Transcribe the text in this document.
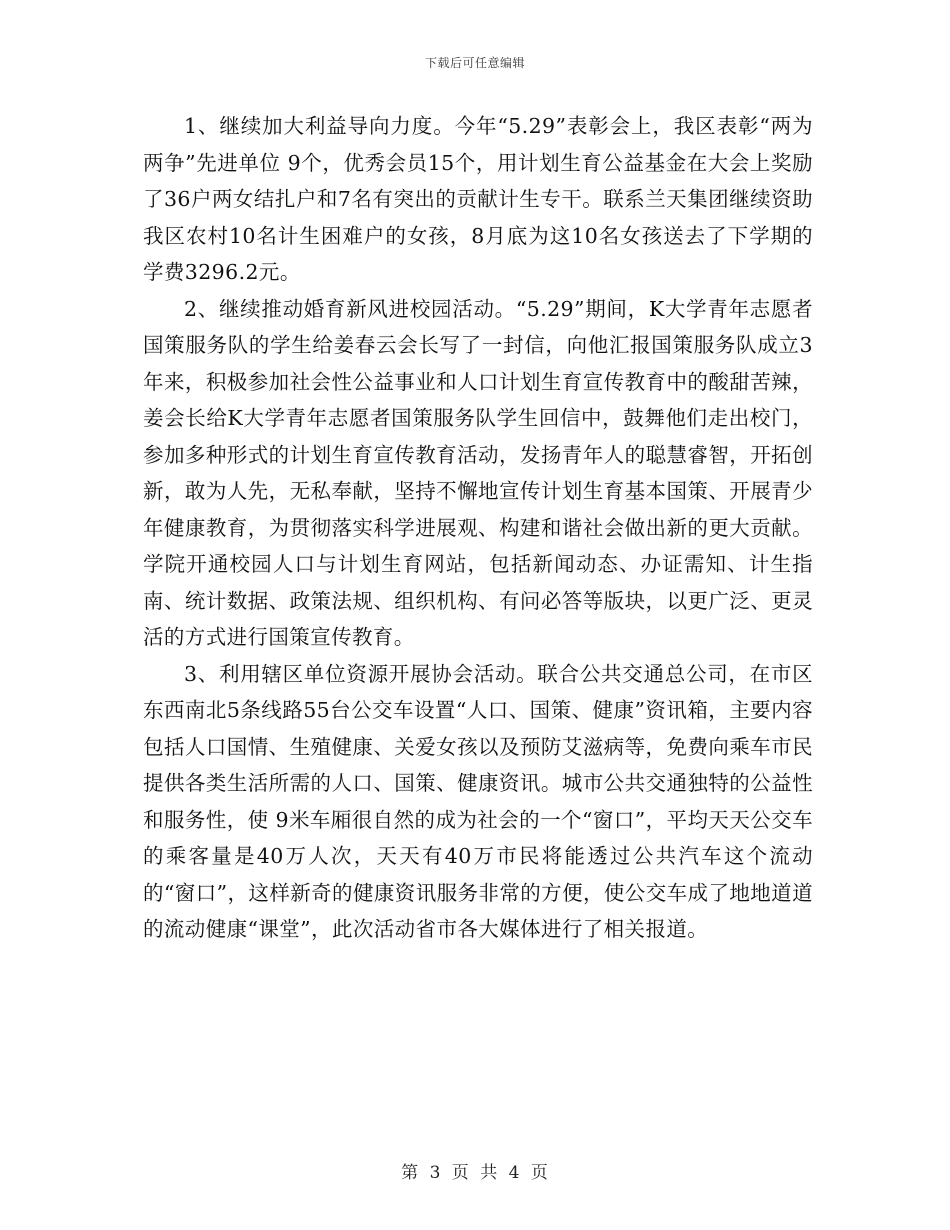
下载后可任意编辑

1、继续加大利益导向力度。今年“5.29”表彰会上，我区表彰“两为两争”先进单位 9个，优秀会员15个，用计划生育公益基金在大会上奖励了36户两女结扎户和7名有突出的贡献计生专干。联系兰天集团继续资助我区农村10名计生困难户的女孩，8月底为这10名女孩送去了下学期的学费3296.2元。

2、继续推动婚育新风进校园活动。“5.29”期间，K大学青年志愿者国策服务队的学生给姜春云会长写了一封信，向他汇报国策服务队成立3年来，积极参加社会性公益事业和人口计划生育宣传教育中的酸甜苦辣，姜会长给K大学青年志愿者国策服务队学生回信中，鼓舞他们走出校门，参加多种形式的计划生育宣传教育活动，发扬青年人的聪慧睿智，开拓创新，敢为人先，无私奉献，坚持不懈地宣传计划生育基本国策、开展青少年健康教育，为贯彻落实科学进展观、构建和谐社会做出新的更大贡献。学院开通校园人口与计划生育网站，包括新闻动态、办证需知、计生指南、统计数据、政策法规、组织机构、有问必答等版块，以更广泛、更灵活的方式进行国策宣传教育。

3、利用辖区单位资源开展协会活动。联合公共交通总公司，在市区东西南北5条线路55台公交车设置“人口、国策、健康”资讯箱，主要内容包括人口国情、生殖健康、关爱女孩以及预防艾滋病等，免费向乘车市民提供各类生活所需的人口、国策、健康资讯。城市公共交通独特的公益性和服务性，使 9米车厢很自然的成为社会的一个“窗口”，平均天天公交车的乘客量是40万人次，天天有40万市民将能透过公共汽车这个流动的“窗口”，这样新奇的健康资讯服务非常的方便，使公交车成了地地道道的流动健康“课堂”，此次活动省市各大媒体进行了相关报道。

第 3 页 共 4 页
